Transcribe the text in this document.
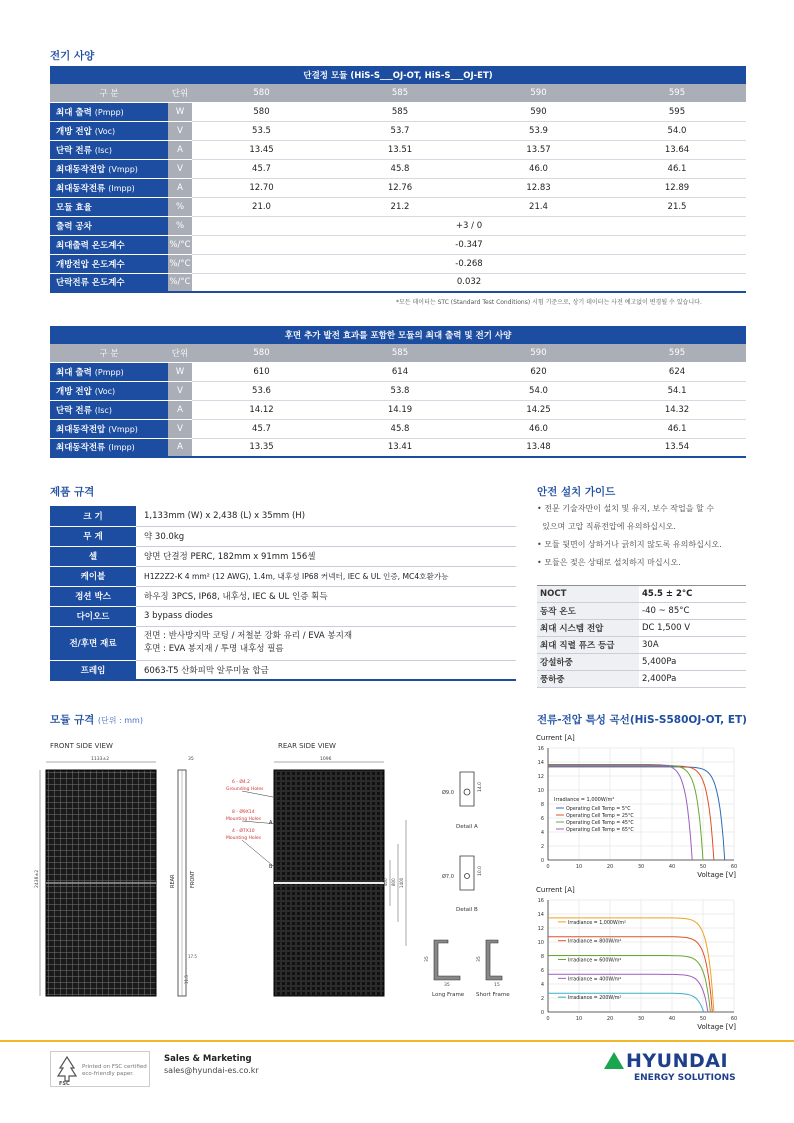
전기 사양
단결정 모듈 (HiS-S___OJ-OT, HiS-S___OJ-ET)					
구 분	단위	580	585	590	595
최대 출력 (Pmpp)	W	580	585	590	595
개방 전압 (Voc)	V	53.5	53.7	53.9	54.0
단락 전류 (Isc)	A	13.45	13.51	13.57	13.64
최대동작전압 (Vmpp)	V	45.7	45.8	46.0	46.1
최대동작전류 (Impp)	A	12.70	12.76	12.83	12.89
모듈 효율	%	21.0	21.2	21.4	21.5
출력 공차	%	+3 / 0			
최대출력 온도계수	%/°C	-0.347			
개방전압 온도계수	%/°C	-0.268			
단락전류 온도계수	%/°C	0.032			
*모든 데이터는 STC (Standard Test Conditions) 시험 기준으로, 상기 데이터는 사전 예고없이 변경될 수 있습니다.
후면 추가 발전 효과를 포함한 모듈의 최대 출력 및 전기 사양					
구 분	단위	580	585	590	595
최대 출력 (Pmpp)	W	610	614	620	624
개방 전압 (Voc)	V	53.6	53.8	54.0	54.1
단락 전류 (Isc)	A	14.12	14.19	14.25	14.32
최대동작전압 (Vmpp)	V	45.7	45.8	46.0	46.1
최대동작전류 (Impp)	A	13.35	13.41	13.48	13.54
제품 규격
크 기	1,133mm (W) x 2,438 (L) x 35mm (H)
무 게	약 30.0kg
셀	양면 단결정 PERC, 182mm x 91mm 156셀
케이블	H1Z2Z2-K 4 mm² (12 AWG), 1.4m, 내후성 IP68 커넥터, IEC & UL 인증, MC4호환가능
정션 박스	하우징 3PCS, IP68, 내후성, IEC & UL 인증 획득
다이오드	3 bypass diodes
전/후면 재료	전면 : 반사방지막 코팅 / 저철분 강화 유리 / EVA 봉지재
후면 : EVA 봉지재 / 투명 내후성 필름

프레임	6063-T5 산화피막 알루미늄 합금
안전 설치 가이드
• 전문 기술자만이 설치 및 유지, 보수 작업을 할 수
있으며 고압 직류전압에 유의하십시오.
• 모듈 뒷면이 상하거나 긁히지 않도록 유의하십시오.
• 모듈은 젖은 상태로 설치하지 마십시오.
NOCT	45.5 ± 2°C
동작 온도	-40 ~ 85°C
최대 시스템 전압	DC 1,500 V
최대 직렬 퓨즈 등급	30A
강설하중	5,400Pa
풍하중	2,400Pa
모듈 규격 (단위 : mm)
FRONT SIDE VIEW	REAR SIDE VIEW
1133±2
2438±2
35
REAR	FRONT
17.5
11.5
1096
400 800 1400
A
B
6 - Ø4.2
Grounding Holes
8 - Ø9X14
Mounting Holes
4 - Ø7X10
Mounting Holes
Ø9.0
14.0
Detail A
Ø7.0
10.0
Detail B
35	35
35	15
Long Frame Short Frame
전류-전압 특성 곡선(HiS-S580OJ-OT, ET)
Current [A]
0
2
4
6
8
10
12
14
16
0	10	20	30	40	50	60
Voltage [V]
Operating Cell Temp = 5°C
Operating Cell Temp = 25°C
Operating Cell Temp = 45°C
Operating Cell Temp = 65°C
Irradiance = 1,000W/m²
Current [A]
0
2
4
6
8
10
12
14
16
0	10	20	30	40	50	60
Voltage [V]
Irradiance = 1,000W/m²
Irradiance = 800W/m²
Irradiance = 600W/m²
Irradiance = 400W/m²
Irradiance = 200W/m²
FSC
Printed on FSC certified
eco-friendly paper.
Sales & Marketing
sales@hyundai-es.co.kr	HYUNDAI
ENERGY SOLUTIONS
